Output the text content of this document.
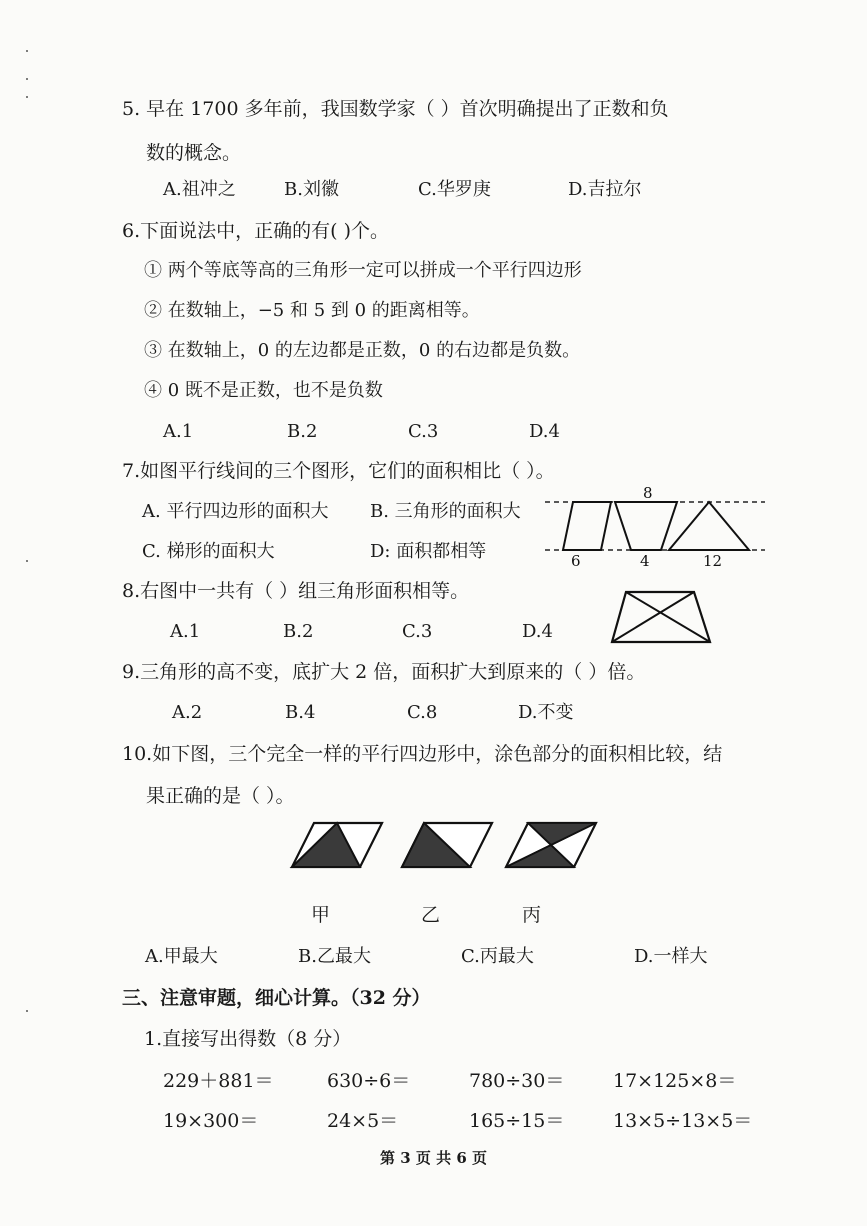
5. 早在 1700 多年前，我国数学家（ ）首次明确提出了正数和负
数的概念。
A.祖冲之	B.刘徽	C.华罗庚	D.吉拉尔
6.下面说法中，正确的有( )个。
① 两个等底等高的三角形一定可以拼成一个平行四边形
② 在数轴上，−5 和 5 到 0 的距离相等。
③ 在数轴上，0 的左边都是正数，0 的右边都是负数。
④ 0 既不是正数，也不是负数
A.1	B.2	C.3	D.4
7.如图平行线间的三个图形，它们的面积相比（ ）。
A. 平行四边形的面积大 B. 三角形的面积大
C. 梯形的面积大	D: 面积都相等
8
6	4	12
8.右图中一共有（ ）组三角形面积相等。
A.1	B.2	C.3	D.4
9.三角形的高不变，底扩大 2 倍，面积扩大到原来的（ ）倍。
A.2	B.4	C.8	D.不变
10.如下图，三个完全一样的平行四边形中，涂色部分的面积相比较，结
果正确的是（ ）。
甲	乙	丙
A.甲最大	B.乙最大	C.丙最大	D.一样大
三、注意审题，细心计算。（32 分）
1.直接写出得数（8 分）
229＋881＝	630÷6＝	780÷30＝	17×125×8＝
19×300＝	24×5＝	165÷15＝	13×5÷13×5＝
第 3 页 共 6 页
